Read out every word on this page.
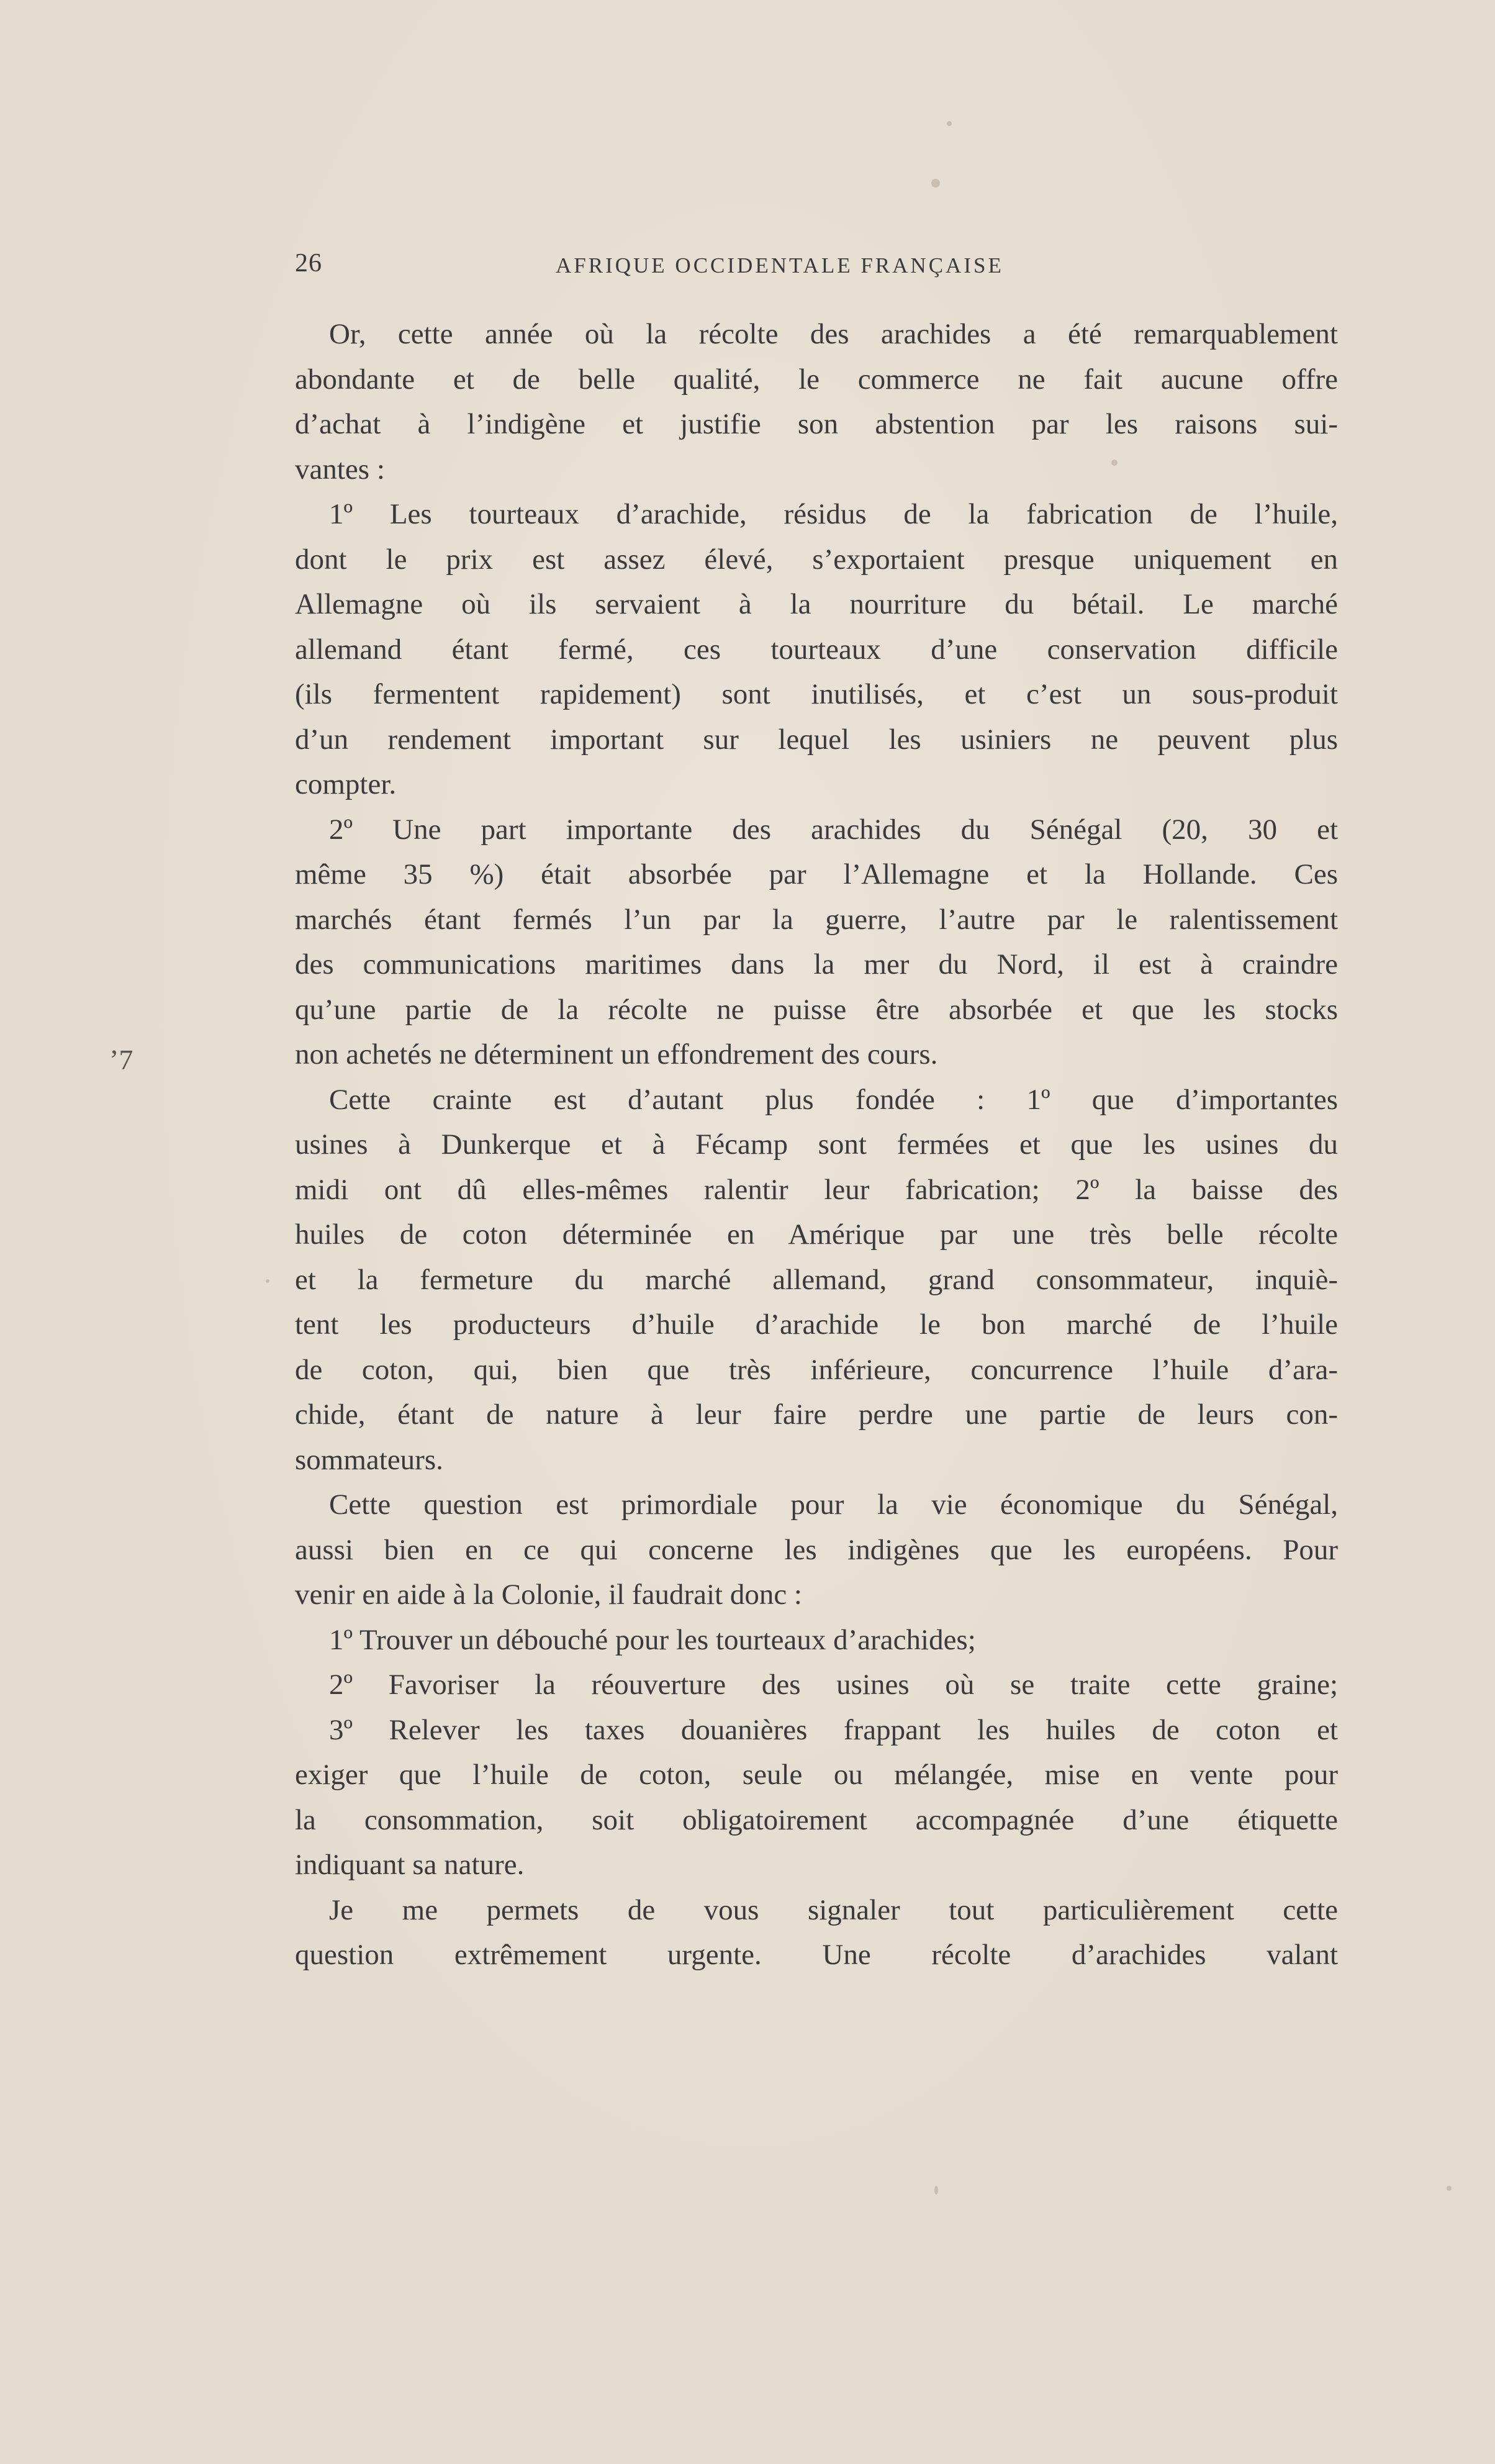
26	AFRIQUE OCCIDENTALE FRANÇAISE
ʼ7
Or, cette année où la récolte des arachides a été remarquablement
abondante et de belle qualité, le commerce ne fait aucune offre
d’achat à l’indigène et justifie son abstention par les raisons sui-
vantes :
1º Les tourteaux d’arachide, résidus de la fabrication de l’huile,
dont le prix est assez élevé, s’exportaient presque uniquement en
Allemagne où ils servaient à la nourriture du bétail. Le marché
allemand étant fermé, ces tourteaux d’une conservation difficile
(ils fermentent rapidement) sont inutilisés, et c’est un sous-produit
d’un rendement important sur lequel les usiniers ne peuvent plus
compter.
2º Une part importante des arachides du Sénégal (20, 30 et
même 35 %) était absorbée par l’Allemagne et la Hollande. Ces
marchés étant fermés l’un par la guerre, l’autre par le ralentissement
des communications maritimes dans la mer du Nord, il est à craindre
qu’une partie de la récolte ne puisse être absorbée et que les stocks
non achetés ne déterminent un effondrement des cours.
Cette crainte est d’autant plus fondée : 1º que d’importantes
usines à Dunkerque et à Fécamp sont fermées et que les usines du
midi ont dû elles-mêmes ralentir leur fabrication; 2º la baisse des
huiles de coton déterminée en Amérique par une très belle récolte
et la fermeture du marché allemand, grand consommateur, inquiè-
tent les producteurs d’huile d’arachide le bon marché de l’huile
de coton, qui, bien que très inférieure, concurrence l’huile d’ara-
chide, étant de nature à leur faire perdre une partie de leurs con-
sommateurs.
Cette question est primordiale pour la vie économique du Sénégal,
aussi bien en ce qui concerne les indigènes que les européens. Pour
venir en aide à la Colonie, il faudrait donc :
1º Trouver un débouché pour les tourteaux d’arachides;
2º Favoriser la réouverture des usines où se traite cette graine;
3º Relever les taxes douanières frappant les huiles de coton et
exiger que l’huile de coton, seule ou mélangée, mise en vente pour
la consommation, soit obligatoirement accompagnée d’une étiquette
indiquant sa nature.
Je me permets de vous signaler tout particulièrement cette
question extrêmement urgente. Une récolte d’arachides valant
